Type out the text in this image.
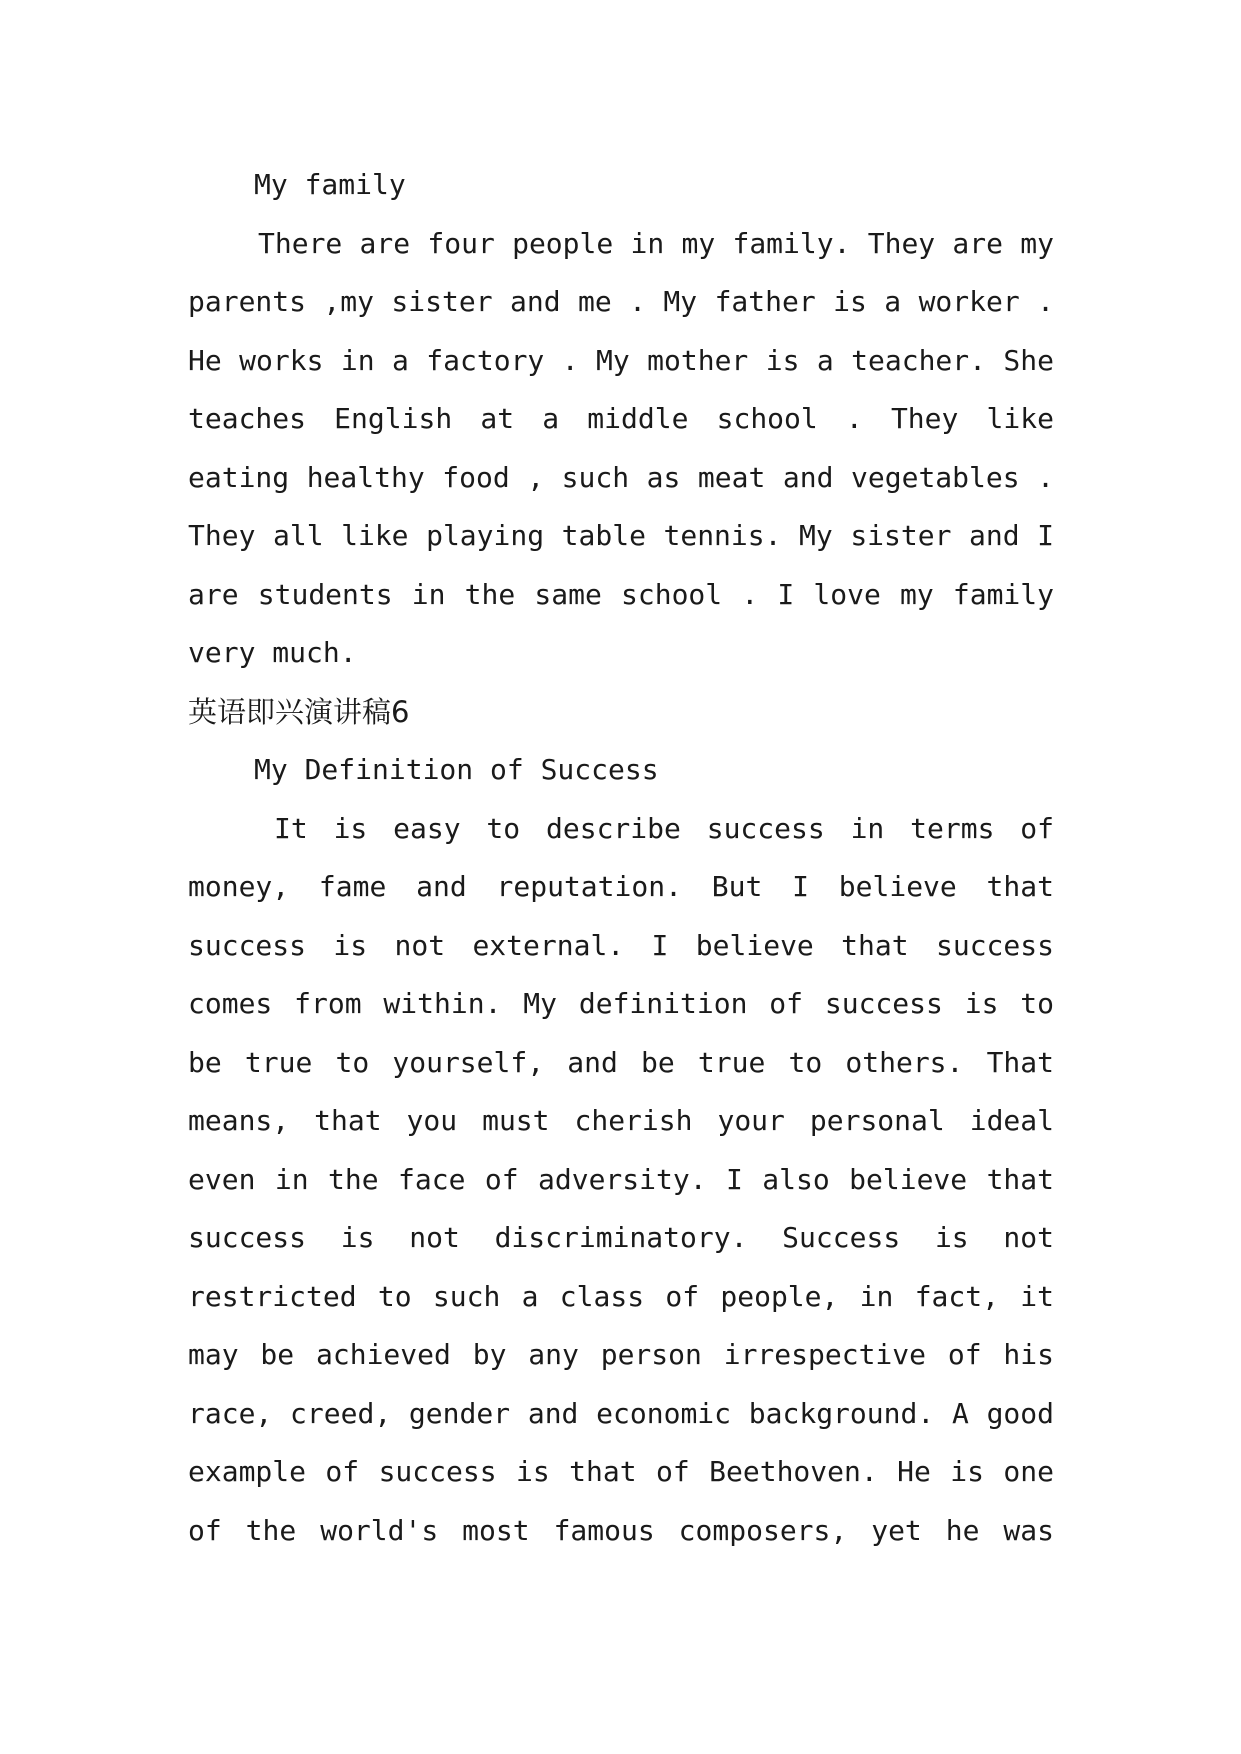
My family
There are four people in my family. They are my
parents ,my sister and me . My father is a worker .
He works in a factory . My mother is a teacher. She
teaches English at a middle school . They like
eating healthy food , such as meat and vegetables .
They all like playing table tennis. My sister and I
are students in the same school . I love my family
very much.
英语即兴演讲稿6
My Definition of Success
It is easy to describe success in terms of
money, fame and reputation. But I believe that
success is not external. I believe that success
comes from within. My definition of success is to
be true to yourself, and be true to others. That
means, that you must cherish your personal ideal
even in the face of adversity. I also believe that
success is not discriminatory. Success is not
restricted to such a class of people, in fact, it
may be achieved by any person irrespective of his
race, creed, gender and economic background. A good
example of success is that of Beethoven. He is one
of the world's most famous composers, yet he was
